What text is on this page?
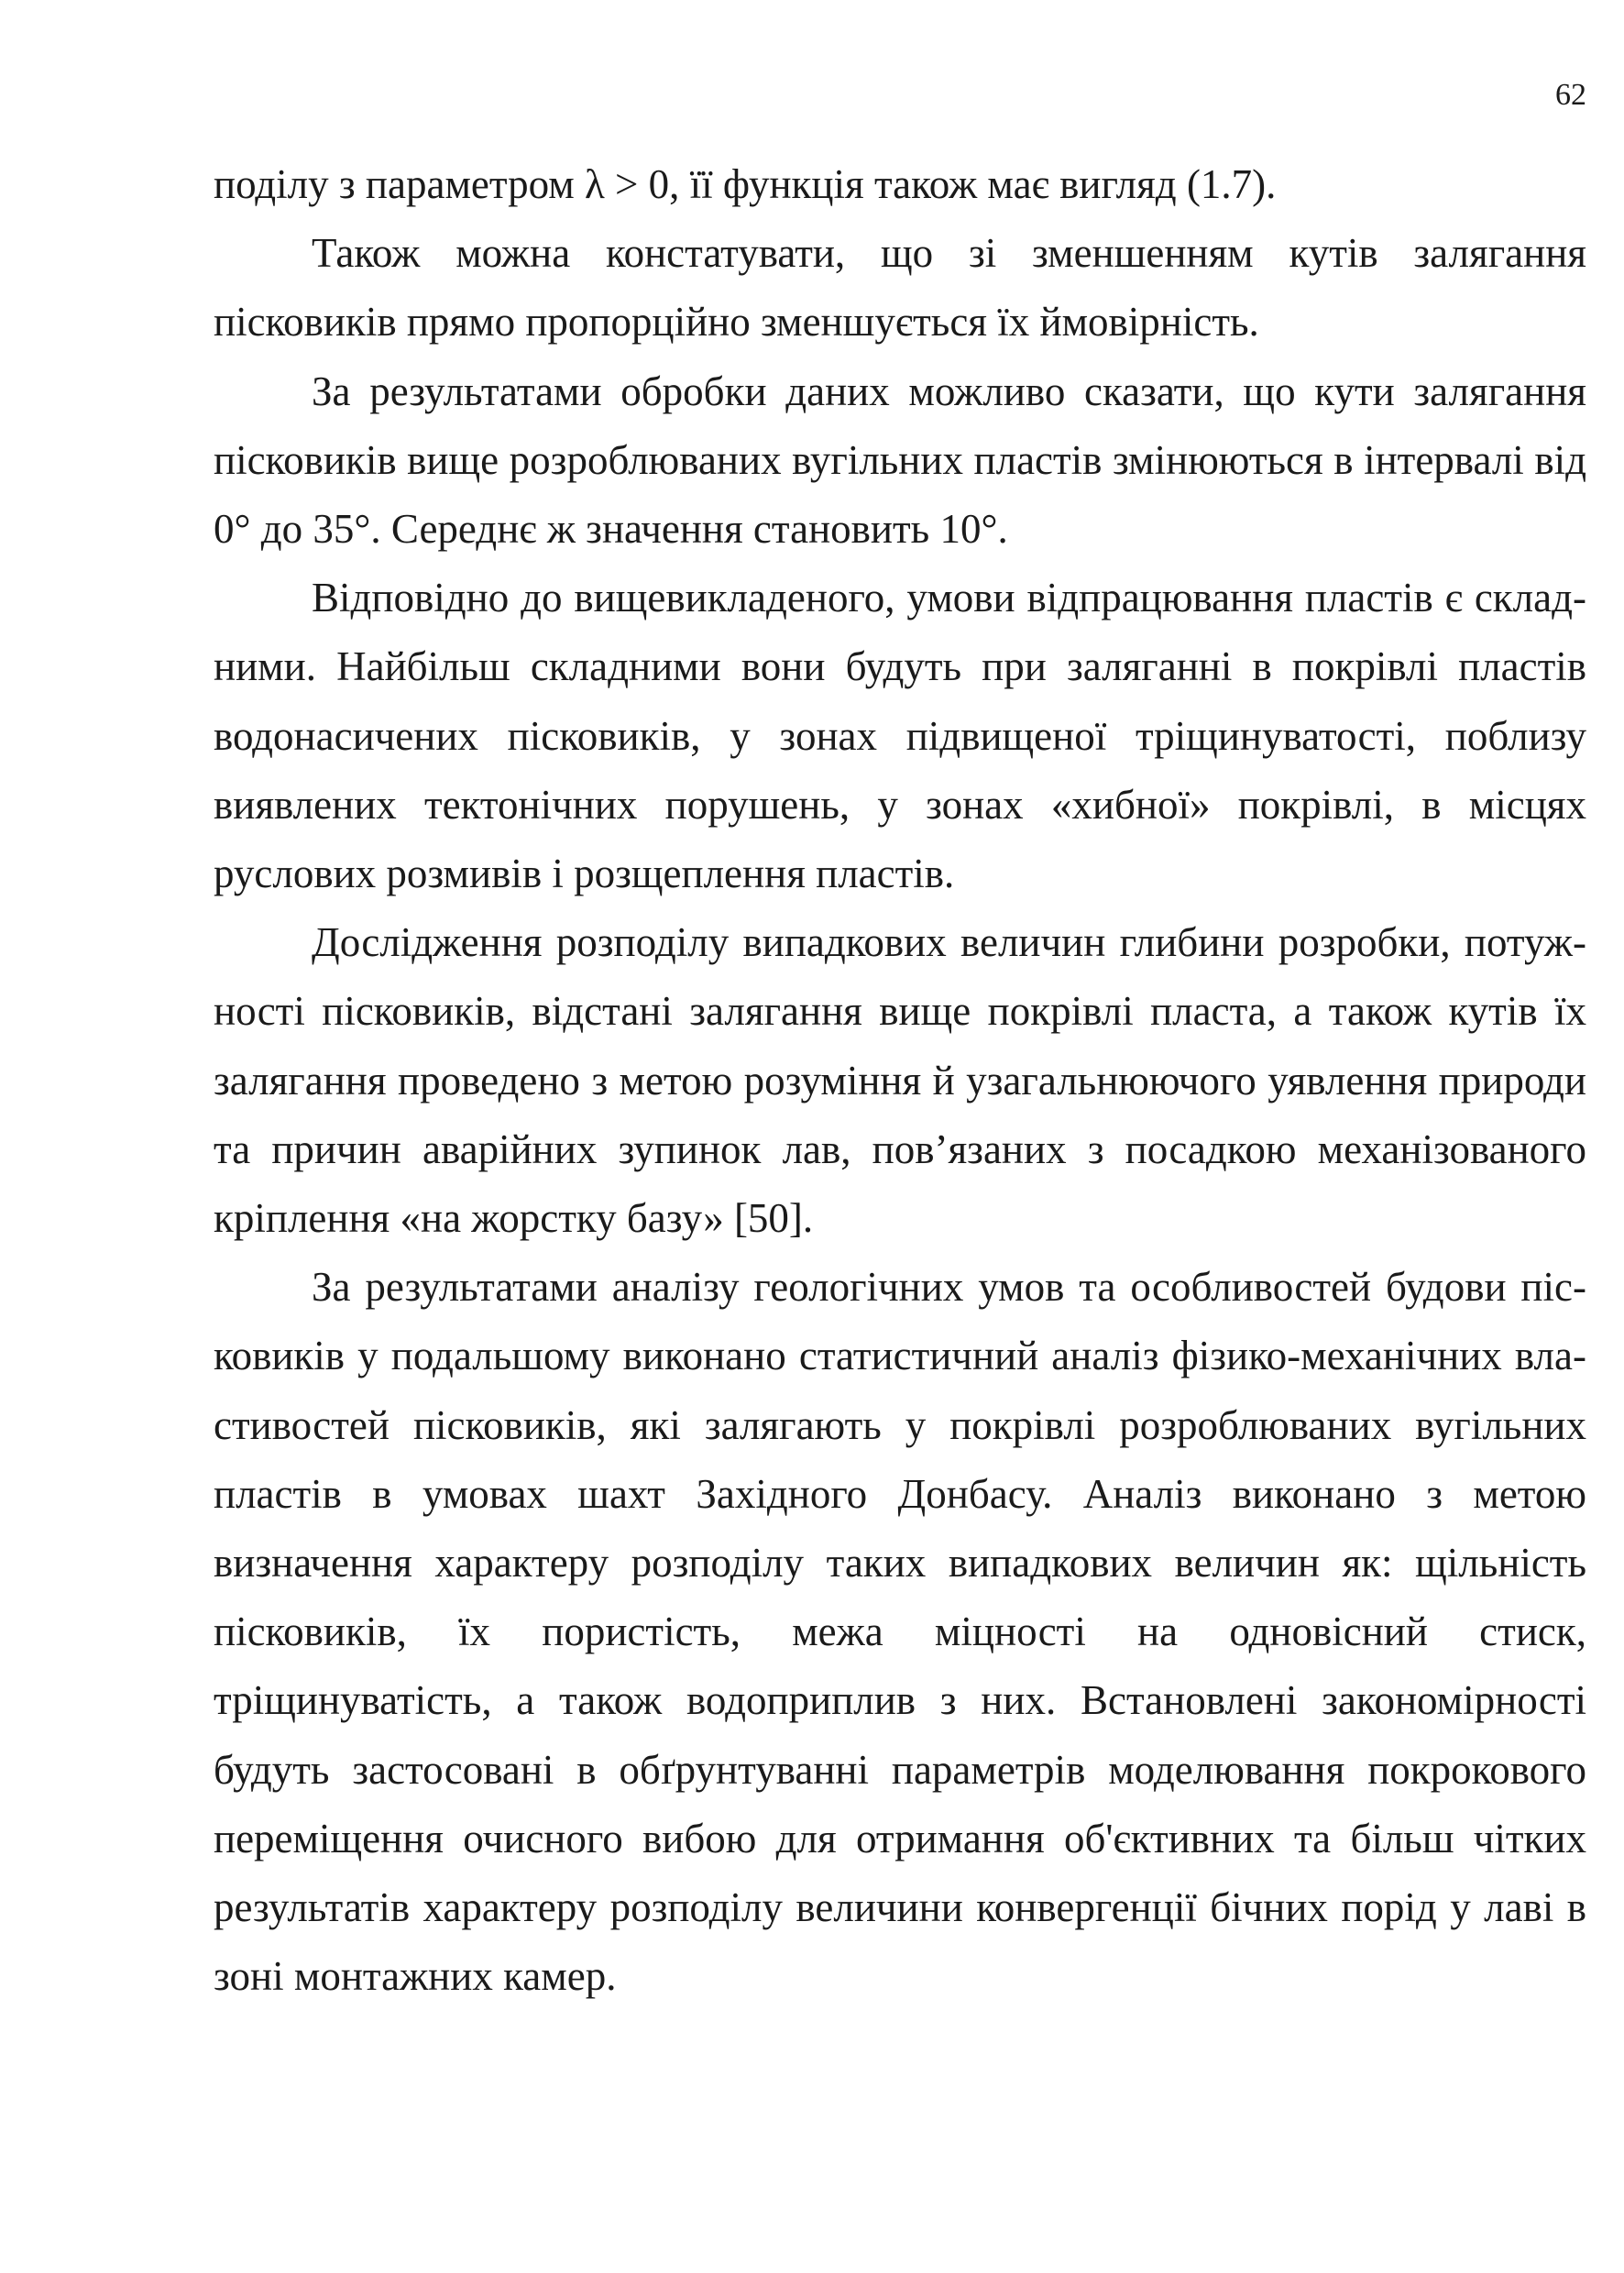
62

поділу з параметром λ > 0, її функція також має вигляд (1.7).

Також можна констатувати, що зі зменшенням кутів залягання пісковиків прямо пропорційно зменшується їх ймовірність.

За результатами обробки даних можливо сказати, що кути залягання пісковиків вище розроблюваних вугільних пластів змінюються в інтервалі від 0° до 35°. Середнє ж значення становить 10°.

Відповідно до вищевикладеного, умови відпрацювання пластів є складними. Найбільш складними вони будуть при заляганні в покрівлі пластів водонасичених пісковиків, у зонах підвищеної тріщинуватості, поблизу виявлених тектонічних порушень, у зонах «хибної» покрівлі, в місцях руслових розмивів і розщеплення пластів.

Дослідження розподілу випадкових величин глибини розробки, потужності пісковиків, відстані залягання вище покрівлі пласта, а також кутів їх залягання проведено з метою розуміння й узагальнюючого уявлення природи та причин аварійних зупинок лав, пов’язаних з посадкою механізованого кріплення «на жорстку базу» [50].

За результатами аналізу геологічних умов та особливостей будови пісковиків у подальшому виконано статистичний аналіз фізико-механічних властивостей пісковиків, які залягають у покрівлі розроблюваних вугільних пластів в умовах шахт Західного Донбасу. Аналіз виконано з метою визначення характеру розподілу таких випадкових величин як: щільність пісковиків, їх пористість, межа міцності на одновісний стиск, тріщинуватість, а також водоприплив з них. Встановлені закономірності будуть застосовані в обґрунтуванні параметрів моделювання покрокового переміщення очисного вибою для отримання об'єктивних та більш чітких результатів характеру розподілу величини конвергенції бічних порід у лаві в зоні монтажних камер.
